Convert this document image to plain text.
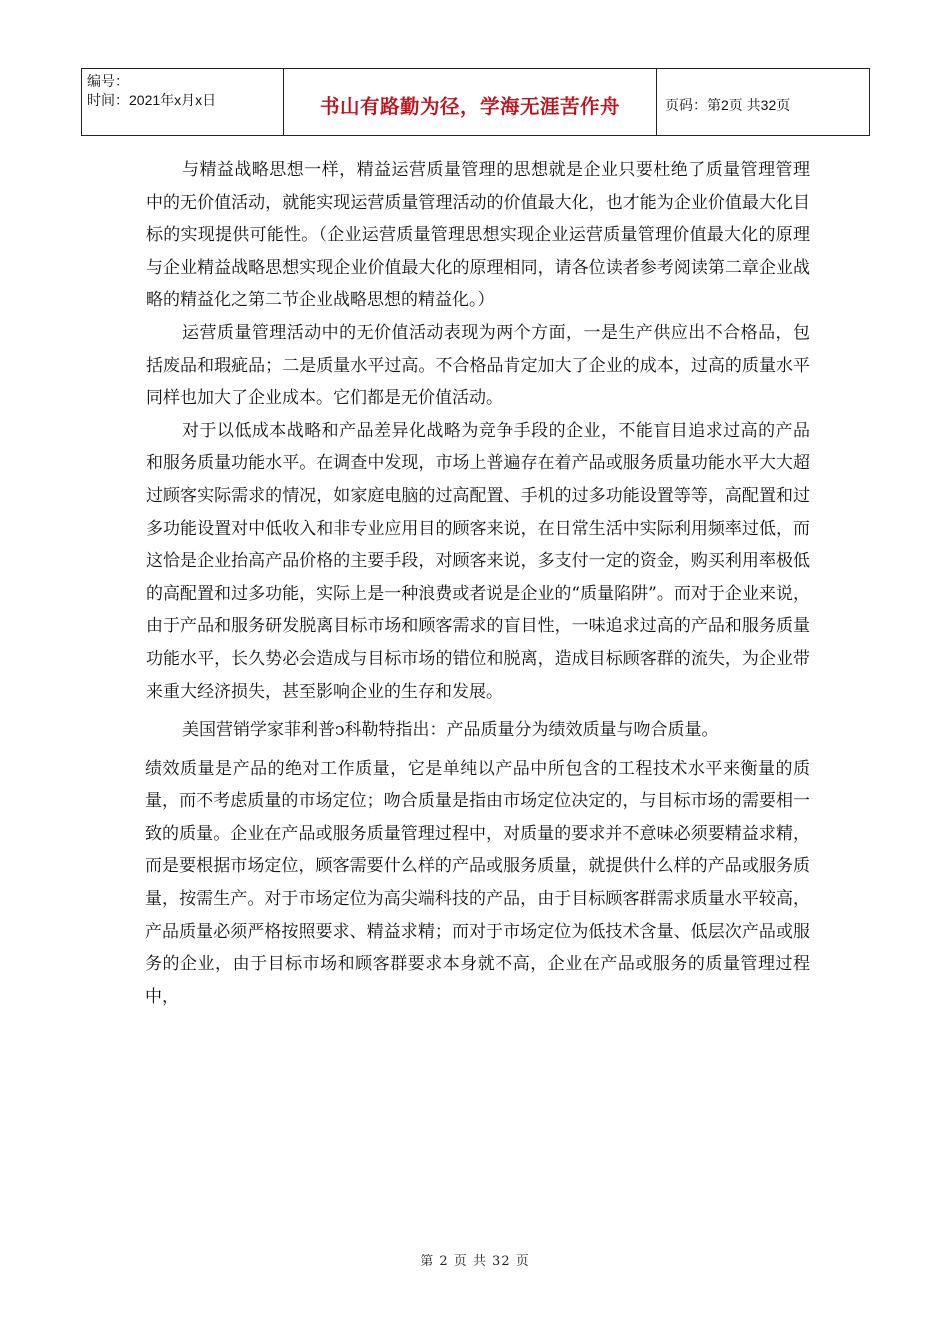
编号：
时间：2021年x月x日	书山有路勤为径，学海无涯苦作舟	页码：第2页 共32页

与精益战略思想一样，精益运营质量管理的思想就是企业只要杜绝了质量管理管理中的无价值活动，就能实现运营质量管理活动的价值最大化，也才能为企业价值最大化目标的实现提供可能性。（企业运营质量管理思想实现企业运营质量管理价值最大化的原理与企业精益战略思想实现企业价值最大化的原理相同，请各位读者参考阅读第二章企业战略的精益化之第二节企业战略思想的精益化。）

运营质量管理活动中的无价值活动表现为两个方面，一是生产供应出不合格品，包括废品和瑕疵品；二是质量水平过高。不合格品肯定加大了企业的成本，过高的质量水平同样也加大了企业成本。它们都是无价值活动。

对于以低成本战略和产品差异化战略为竞争手段的企业，不能盲目追求过高的产品和服务质量功能水平。在调查中发现，市场上普遍存在着产品或服务质量功能水平大大超过顾客实际需求的情况，如家庭电脑的过高配置、手机的过多功能设置等等，高配置和过多功能设置对中低收入和非专业应用目的顾客来说，在日常生活中实际利用频率过低，而这恰是企业抬高产品价格的主要手段，对顾客来说，多支付一定的资金，购买利用率极低的高配置和过多功能，实际上是一种浪费或者说是企业的“质量陷阱”。而对于企业来说，由于产品和服务研发脱离目标市场和顾客需求的盲目性，一味追求过高的产品和服务质量功能水平，长久势必会造成与目标市场的错位和脱离，造成目标顾客群的流失，为企业带来重大经济损失，甚至影响企业的生存和发展。

美国营销学家菲利普ↄ科勒特指出：产品质量分为绩效质量与吻合质量。

绩效质量是产品的绝对工作质量，它是单纯以产品中所包含的工程技术水平来衡量的质量，而不考虑质量的市场定位；吻合质量是指由市场定位决定的，与目标市场的需要相一致的质量。企业在产品或服务质量管理过程中，对质量的要求并不意味必须要精益求精，而是要根据市场定位，顾客需要什么样的产品或服务质量，就提供什么样的产品或服务质量，按需生产。对于市场定位为高尖端科技的产品，由于目标顾客群需求质量水平较高，产品质量必须严格按照要求、精益求精；而对于市场定位为低技术含量、低层次产品或服务的企业，由于目标市场和顾客群要求本身就不高，企业在产品或服务的质量管理过程中，

第 2 页 共 32 页
